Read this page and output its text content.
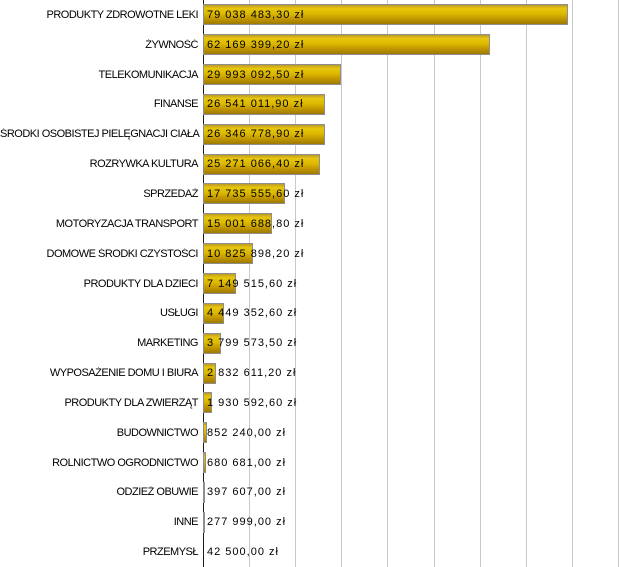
PRODUKTY ZDROWOTNE LEKI 79 038 483,30 zł
ŻYWNOŚĆ 62 169 399,20 zł
TELEKOMUNIKACJA 29 993 092,50 zł
FINANSE 26 541 011,90 zł
ŚRODKI OSOBISTEJ PIELĘGNACJI CIAŁA 26 346 778,90 zł
ROZRYWKA KULTURA 25 271 066,40 zł
SPRZEDAŻ 17 735 555,60 zł
MOTORYZACJA TRANSPORT 15 001 688,80 zł
DOMOWE ŚRODKI CZYSTOŚCI 10 825 898,20 zł
PRODUKTY DLA DZIECI 7 149 515,60 zł
USŁUGI 4 449 352,60 zł
MARKETING 3 799 573,50 zł
WYPOSAŻENIE DOMU I BIURA 2 832 611,20 zł
PRODUKTY DLA ZWIERZĄT 1 930 592,60 zł
BUDOWNICTWO 852 240,00 zł
ROLNICTWO OGRODNICTWO 680 681,00 zł
ODZIEŻ OBUWIE 397 607,00 zł
INNE 277 999,00 zł
PRZEMYSŁ 42 500,00 zł
